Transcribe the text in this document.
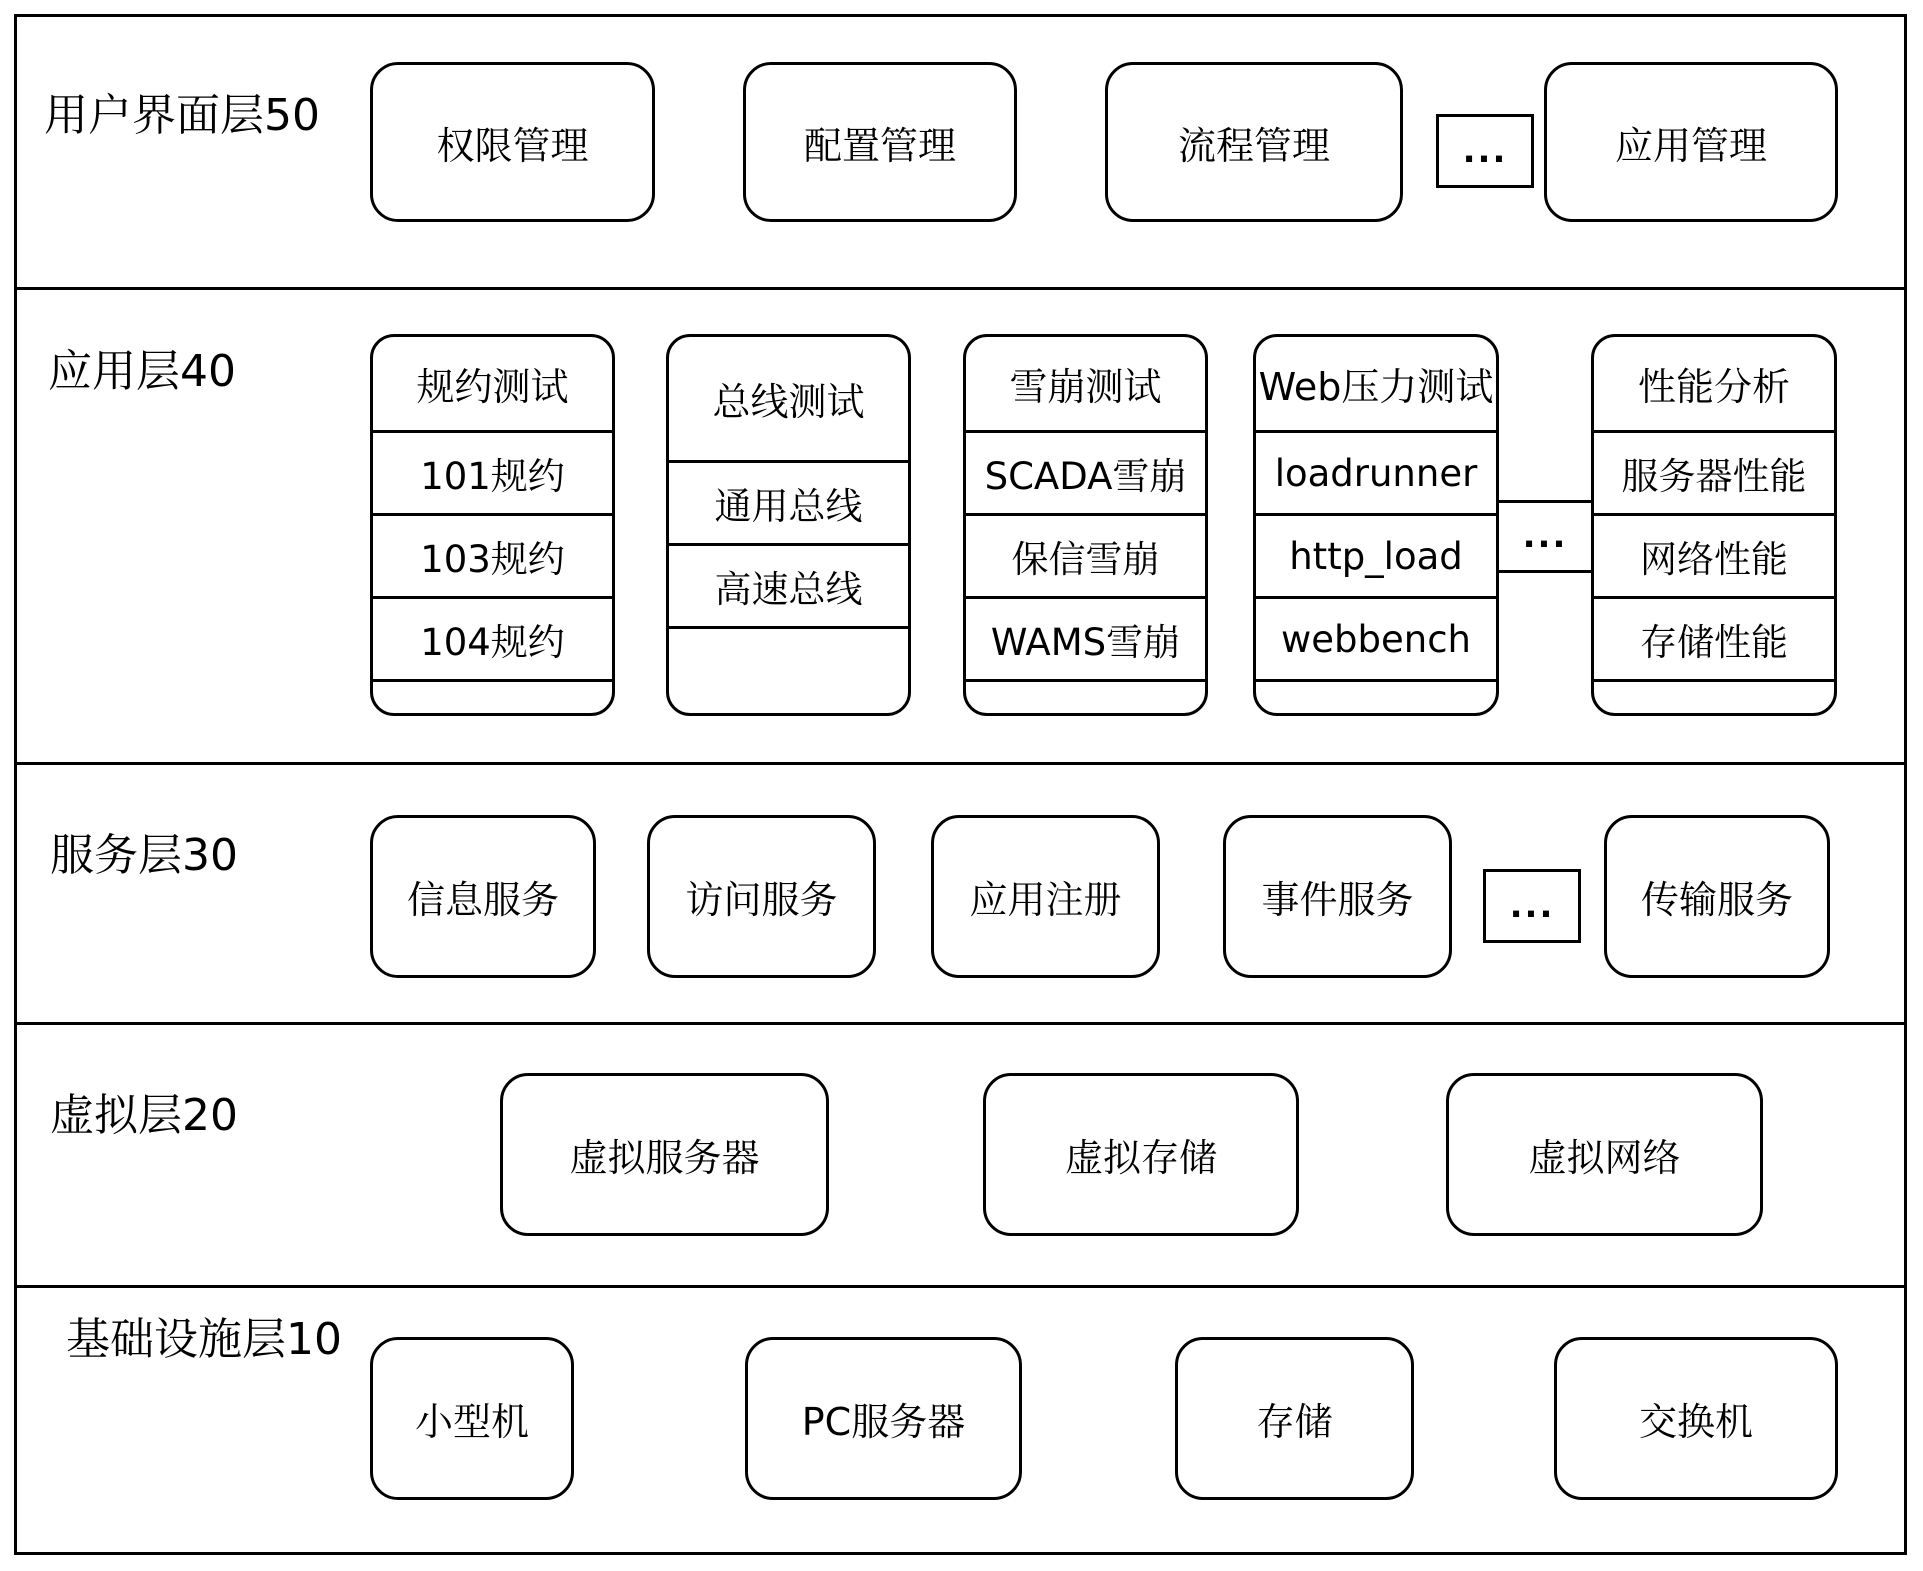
用户界面层50
权限管理	配置管理	流程管理	...	应用管理
应用层40	规约测试
101规约
103规约
104规约
总线测试
通用总线
高速总线
雪崩测试
SCADA雪崩
保信雪崩
WAMS雪崩
Web压力测试
loadrunner
http_load
webbench
...
性能分析
服务器性能
网络性能
存储性能
服务层30
信息服务	访问服务	应用注册	事件服务	...	传输服务
虚拟层20
虚拟服务器	虚拟存储	虚拟网络
基础设施层10
小型机	PC服务器	存储	交换机
